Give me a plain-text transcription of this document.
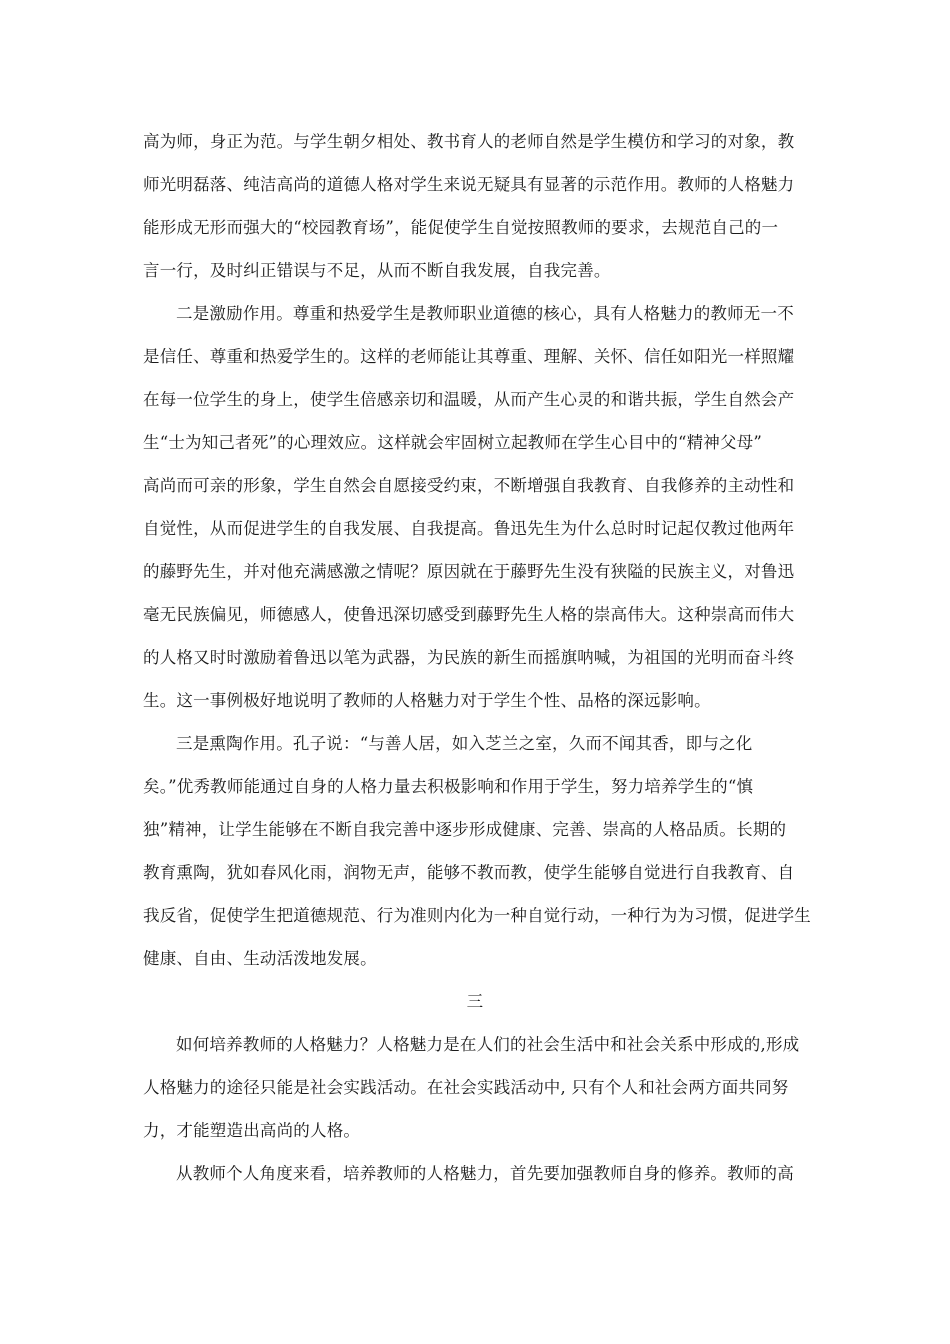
高为师，身正为范。与学生朝夕相处、教书育人的老师自然是学生模仿和学习的对象，教
师光明磊落、纯洁高尚的道德人格对学生来说无疑具有显著的示范作用。教师的人格魅力
能形成无形而强大的“校园教育场”，能促使学生自觉按照教师的要求，去规范自己的一
言一行，及时纠正错误与不足，从而不断自我发展，自我完善。
二是激励作用。尊重和热爱学生是教师职业道德的核心，具有人格魅力的教师无一不
是信任、尊重和热爱学生的。这样的老师能让其尊重、理解、关怀、信任如阳光一样照耀
在每一位学生的身上，使学生倍感亲切和温暖，从而产生心灵的和谐共振，学生自然会产
生“士为知己者死”的心理效应。这样就会牢固树立起教师在学生心目中的“精神父母”
高尚而可亲的形象，学生自然会自愿接受约束，不断增强自我教育、自我修养的主动性和
自觉性，从而促进学生的自我发展、自我提高。鲁迅先生为什么总时时记起仅教过他两年
的藤野先生，并对他充满感激之情呢？原因就在于藤野先生没有狭隘的民族主义，对鲁迅
毫无民族偏见，师德感人，使鲁迅深切感受到藤野先生人格的崇高伟大。这种崇高而伟大
的人格又时时激励着鲁迅以笔为武器，为民族的新生而摇旗呐喊，为祖国的光明而奋斗终
生。这一事例极好地说明了教师的人格魅力对于学生个性、品格的深远影响。
三是熏陶作用。孔子说：“与善人居，如入芝兰之室，久而不闻其香，即与之化
矣。”优秀教师能通过自身的人格力量去积极影响和作用于学生，努力培养学生的“慎
独”精神，让学生能够在不断自我完善中逐步形成健康、完善、崇高的人格品质。长期的
教育熏陶，犹如春风化雨，润物无声，能够不教而教，使学生能够自觉进行自我教育、自
我反省，促使学生把道德规范、行为准则内化为一种自觉行动，一种行为为习惯，促进学生
健康、自由、生动活泼地发展。
三
如何培养教师的人格魅力？人格魅力是在人们的社会生活中和社会关系中形成的,形成
人格魅力的途径只能是社会实践活动。在社会实践活动中, 只有个人和社会两方面共同努
力，才能塑造出高尚的人格。
从教师个人角度来看，培养教师的人格魅力，首先要加强教师自身的修养。教师的高
